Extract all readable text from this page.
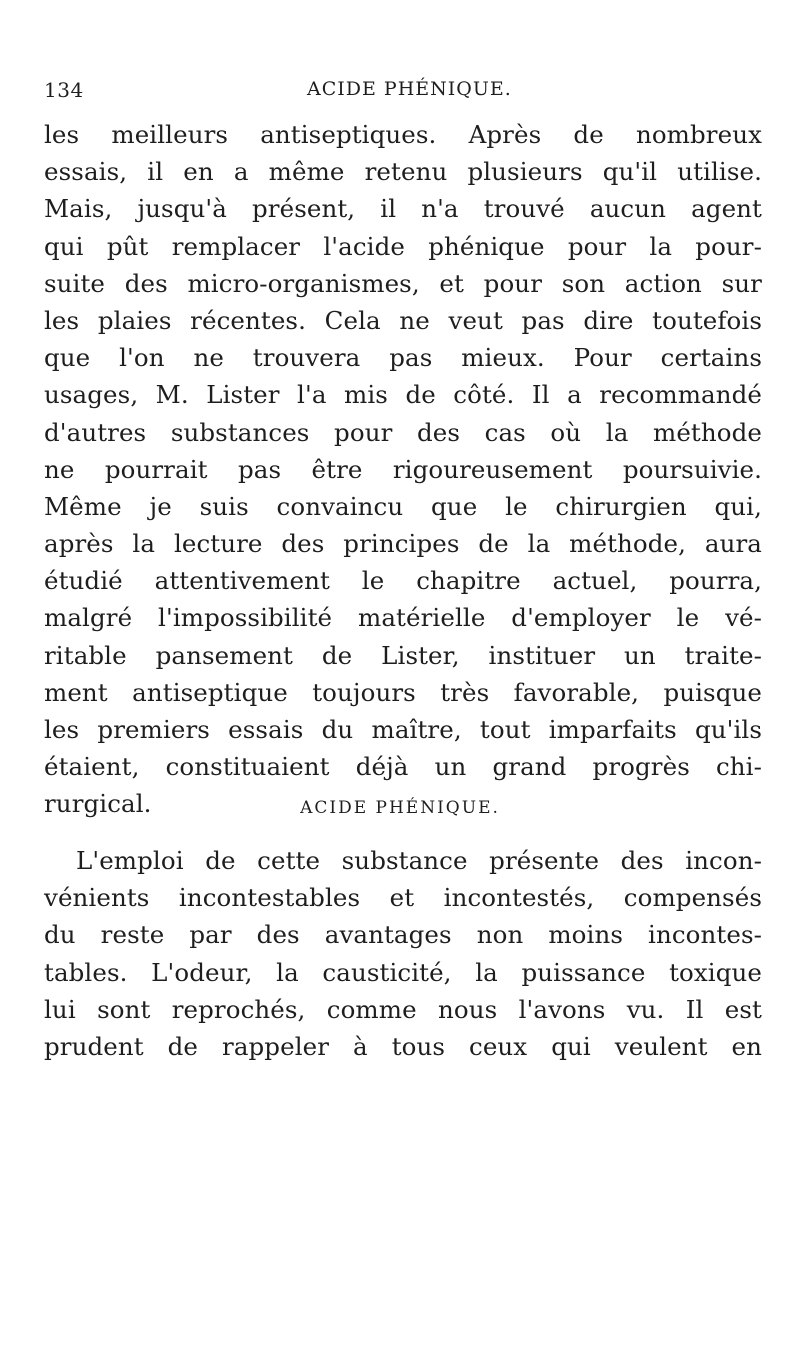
134	ACIDE PHÉNIQUE.
les meilleurs antiseptiques. Après de nombreux
essais, il en a même retenu plusieurs qu'il utilise.
Mais, jusqu'à présent, il n'a trouvé aucun agent
qui pût remplacer l'acide phénique pour la pour-
suite des micro-organismes, et pour son action sur
les plaies récentes. Cela ne veut pas dire toutefois
que l'on ne trouvera pas mieux. Pour certains
usages, M. Lister l'a mis de côté. Il a recommandé
d'autres substances pour des cas où la méthode
ne pourrait pas être rigoureusement poursuivie.
Même je suis convaincu que le chirurgien qui,
après la lecture des principes de la méthode, aura
étudié attentivement le chapitre actuel, pourra,
malgré l'impossibilité matérielle d'employer le vé-
ritable pansement de Lister, instituer un traite-
ment antiseptique toujours très favorable, puisque
les premiers essais du maître, tout imparfaits qu'ils
étaient, constituaient déjà un grand progrès chi-
rurgical.	ACIDE PHÉNIQUE.
L'emploi de cette substance présente des incon-
vénients incontestables et incontestés, compensés
du reste par des avantages non moins incontes-
tables. L'odeur, la causticité, la puissance toxique
lui sont reprochés, comme nous l'avons vu. Il est
prudent de rappeler à tous ceux qui veulent en
